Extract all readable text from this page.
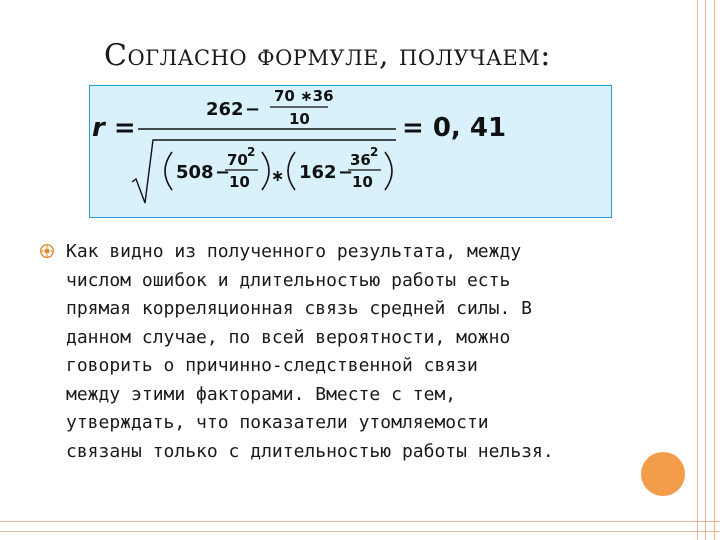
Согласно формуле, получаем:
r =
262 −
70 ∗36
10	= 0, 41
508 −
70 2
10 ∗ 162 −
36 2
10
Как видно из полученного результата, между
числом ошибок и длительностью работы есть
прямая корреляционная связь средней силы. В
данном случае, по всей вероятности, можно
говорить о причинно-следственной связи
между этими факторами. Вместе с тем,
утверждать, что показатели утомляемости
связаны только с длительностью работы нельзя.
